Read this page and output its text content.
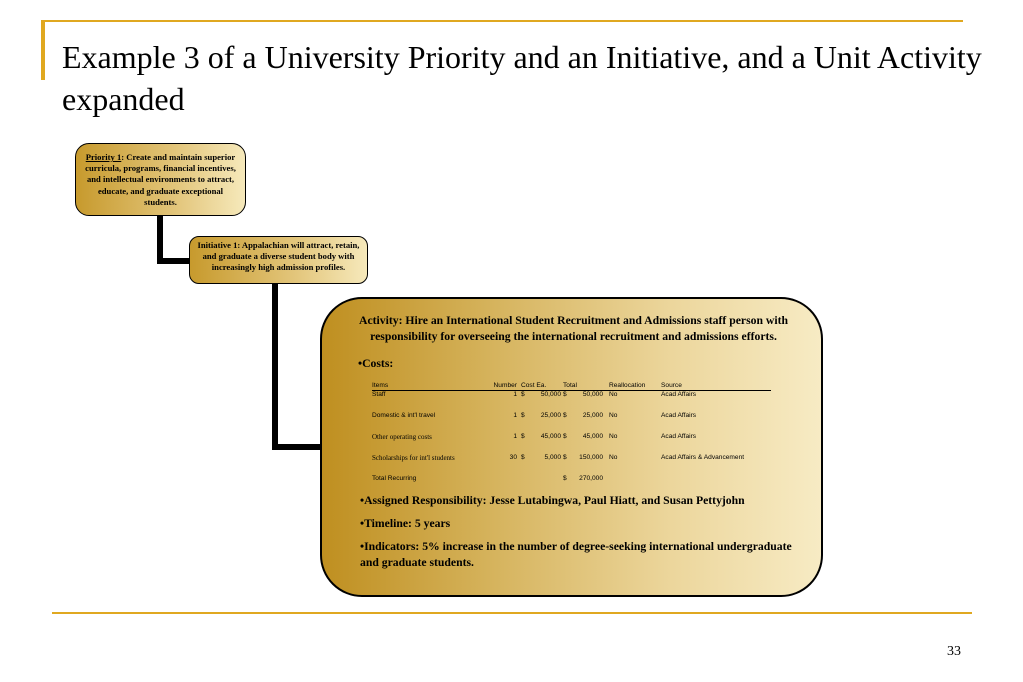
Example 3 of a University Priority and an Initiative, and a Unit Activity expanded
Priority 1: Create and maintain superior curricula, programs, financial incentives, and intellectual environments to attract, educate, and graduate exceptional students.
Initiative 1: Appalachian will attract, retain, and graduate a diverse student body with increasingly high admission profiles.
Activity: Hire an International Student Recruitment and Admissions staff person with responsibility for overseeing the international recruitment and admissions efforts.
•Costs:
Items	Number	Cost Ea.	Total	Reallocation	Source
Staff	1	$ 50,000	$ 50,000	No	Acad Affairs
Domestic & int'l travel	1	$ 25,000	$ 25,000	No	Acad Affairs
Other operating costs	1	$ 45,000	$ 45,000	No	Acad Affairs
Scholarships for int'l students	30	$ 5,000	$ 150,000	No	Acad Affairs & Advancement
Total Recurring			$ 270,000		
•Assigned Responsibility: Jesse Lutabingwa, Paul Hiatt, and Susan Pettyjohn
•Timeline: 5 years
•Indicators: 5% increase in the number of degree-seeking international undergraduate and graduate students.
33
